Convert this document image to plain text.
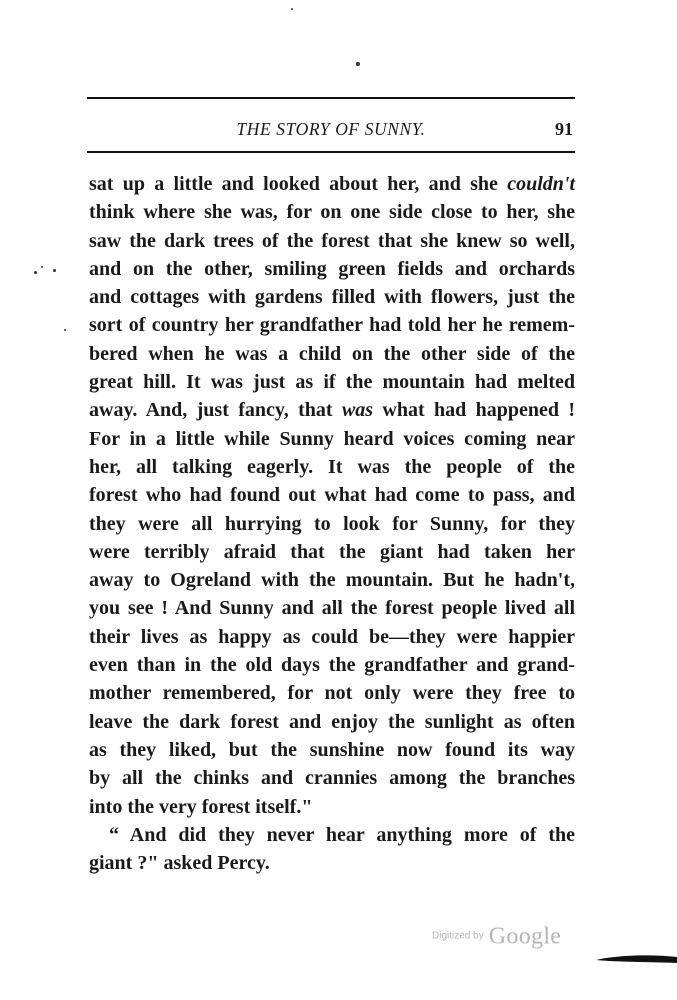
THE STORY OF SUNNY.	91
sat up a little and looked about her, and she couldn't
think where she was, for on one side close to her, she
saw the dark trees of the forest that she knew so well,
and on the other, smiling green fields and orchards
and cottages with gardens filled with flowers, just the
sort of country her grandfather had told her he remem-
bered when he was a child on the other side of the
great hill. It was just as if the mountain had melted
away. And, just fancy, that was what had happened !
For in a little while Sunny heard voices coming near
her, all talking eagerly. It was the people of the
forest who had found out what had come to pass, and
they were all hurrying to look for Sunny, for they
were terribly afraid that the giant had taken her
away to Ogreland with the mountain. But he hadn't,
you see ! And Sunny and all the forest people lived all
their lives as happy as could be—they were happier
even than in the old days the grandfather and grand-
mother remembered, for not only were they free to
leave the dark forest and enjoy the sunlight as often
as they liked, but the sunshine now found its way
by all the chinks and crannies among the branches
into the very forest itself."
“ And did they never hear anything more of the
giant ?" asked Percy.
Digitized by Google
